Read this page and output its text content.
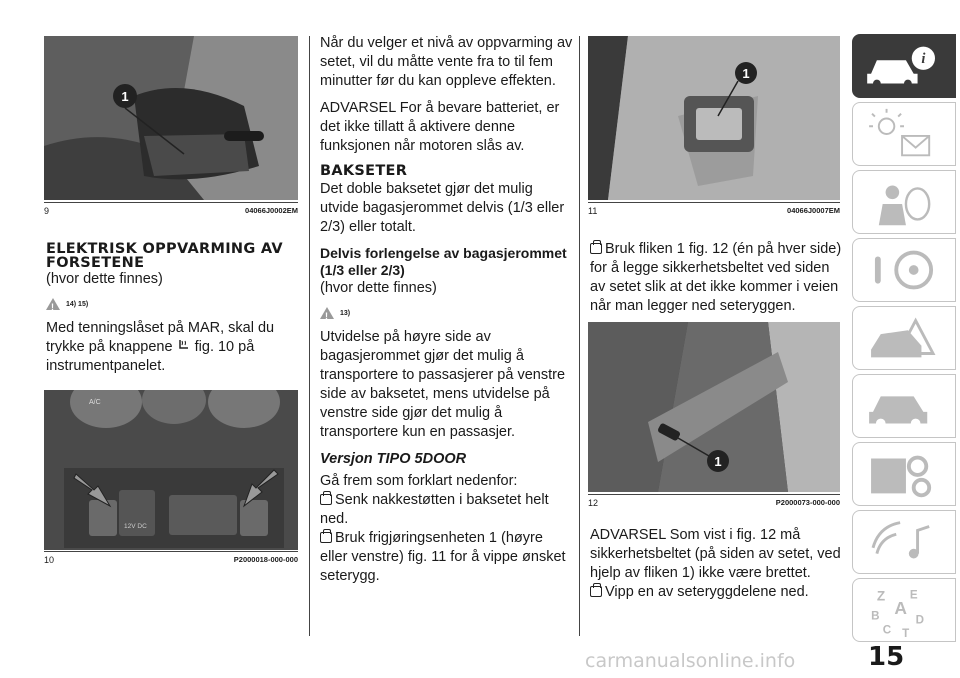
1
9	04066J0002EM
A/C
12V DC
10	P2000018-000-000
ELEKTRISK OPPVARMING AV FORSETENE
(hvor dette finnes)
!
14) 15)

Med tenningslåset på MAR, skal du trykke på knappene fig. 10 på instrumentpanelet.

Når du velger et nivå av oppvarming av setet, vil du måtte vente fra to til fem minutter før du kan oppleve effekten.

ADVARSEL For å bevare batteriet, er det ikke tillatt å aktivere denne funksjonen når motoren slås av.

BAKSETER

Det doble baksetet gjør det mulig utvide bagasjerommet delvis (1/3 eller 2/3) eller totalt.

Delvis forlengelse av bagasjerommet (1/3 eller 2/3)
(hvor dette finnes)
!
13)

Utvidelse på høyre side av bagasjerommet gjør det mulig å transportere to passasjerer på venstre side av baksetet, mens utvidelse på venstre side gjør det mulig å transportere kun en passasjer.

Versjon TIPO 5DOOR
Gå frem som forklart nedenfor:
Senk nakkestøtten i baksetet helt ned.
Bruk frigjøringsenheten 1 (høyre eller venstre) fig. 11 for å vippe ønsket seterygg.
1
11	04066J0007EM
Bruk fliken 1 fig. 12 (én på hver side) for å legge sikkerhetsbeltet ved siden av setet slik at det ikke kommer i veien når man legger ned seteryggen.
1
12	P2000073-000-000

ADVARSEL Som vist i fig. 12 må sikkerhetsbeltet (på siden av setet, ved hjelp av fliken 1) ikke være brettet.

Vipp en av seteryggdelene ned.
i
Z E
A
B
C
D
T
15
carmanualsonline.info
